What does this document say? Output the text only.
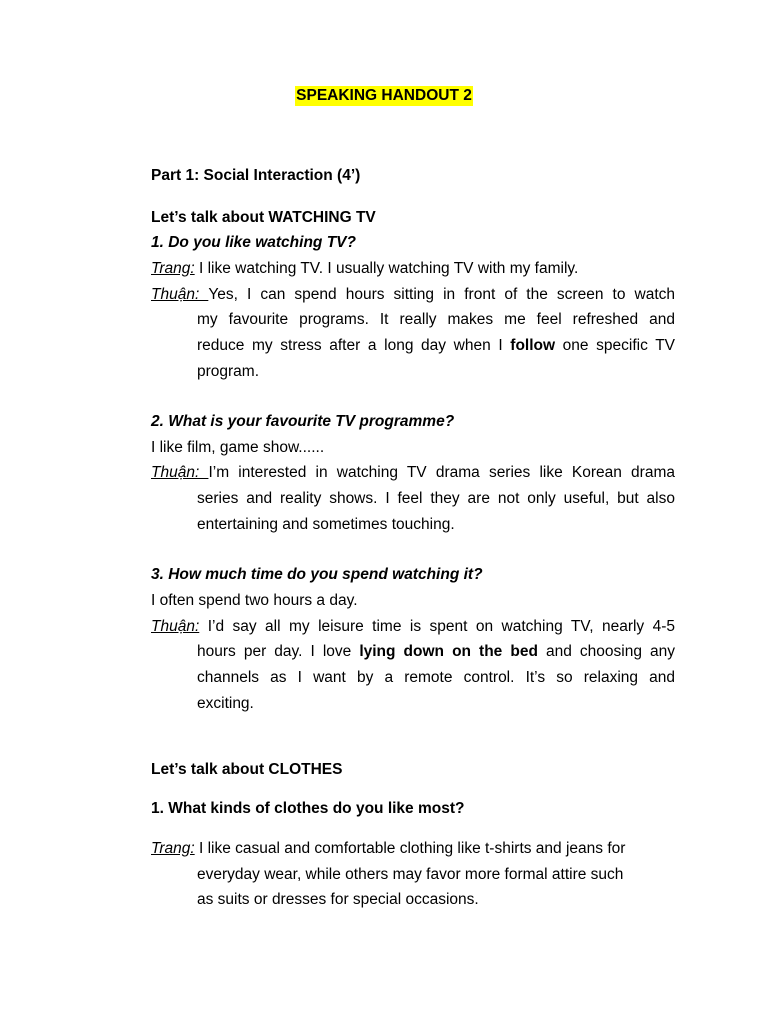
SPEAKING HANDOUT 2
Part 1: Social Interaction (4’)
Let’s talk about WATCHING TV
1. Do you like watching TV?
Trang: I like watching TV. I usually watching TV with my family.
Thuận: Yes, I can spend hours sitting in front of the screen to watch
my favourite programs. It really makes me feel refreshed and
reduce my stress after a long day when I follow one specific TV
program.
2. What is your favourite TV programme?
I like film, game show......
Thuận: I’m interested in watching TV drama series like Korean drama
series and reality shows. I feel they are not only useful, but also
entertaining and sometimes touching.
3. How much time do you spend watching it?
I often spend two hours a day.
Thuận: I’d say all my leisure time is spent on watching TV, nearly 4-5
hours per day. I love lying down on the bed and choosing any
channels as I want by a remote control. It’s so relaxing and
exciting.
Let’s talk about CLOTHES
1. What kinds of clothes do you like most?
Trang: I like casual and comfortable clothing like t-shirts and jeans for
everyday wear, while others may favor more formal attire such
as suits or dresses for special occasions.
